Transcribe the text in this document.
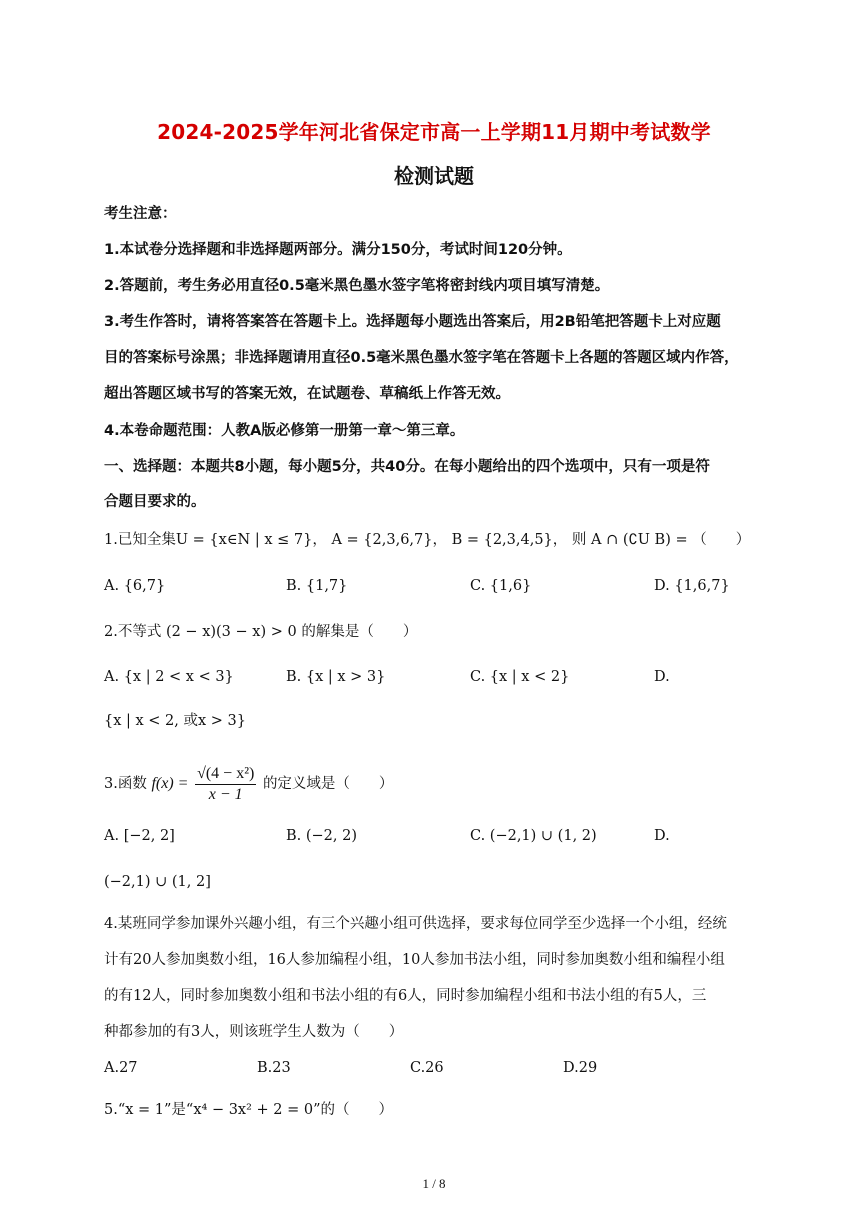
2024-2025学年河北省保定市高一上学期11月期中考试数学
检测试题
考生注意：
1.本试卷分选择题和非选择题两部分。满分150分，考试时间120分钟。
2.答题前，考生务必用直径0.5毫米黑色墨水签字笔将密封线内项目填写清楚。
3.考生作答时，请将答案答在答题卡上。选择题每小题选出答案后，用2B铅笔把答题卡上对应题
目的答案标号涂黑；非选择题请用直径0.5毫米黑色墨水签字笔在答题卡上各题的答题区域内作答，
超出答题区域书写的答案无效，在试题卷、草稿纸上作答无效。
4.本卷命题范围：人教A版必修第一册第一章～第三章。
一、选择题：本题共8小题，每小题5分，共40分。在每小题给出的四个选项中，只有一项是符
合题目要求的。
1.已知全集U = {x∈N | x ≤ 7}， A = {2,3,6,7}， B = {2,3,4,5}， 则 A ∩ (∁U B) = （　　）
A. {6,7}	B. {1,7}	C. {1,6}	D. {1,6,7}
2.不等式 (2 − x)(3 − x) > 0 的解集是（　　）
A. {x | 2 < x < 3}	B. {x | x > 3}	C. {x | x < 2}	D.
{x | x < 2, 或x > 3}
3.函数 $f(x) = \frac{\text{√(4 − x²)}}{x - 1}$ 的定义域是（　　）
A. [−2, 2]	B. (−2, 2)	C. (−2,1) ∪ (1, 2)	D.
(−2,1) ∪ (1, 2]
4.某班同学参加课外兴趣小组，有三个兴趣小组可供选择，要求每位同学至少选择一个小组，经统
计有20人参加奥数小组，16人参加编程小组，10人参加书法小组，同时参加奥数小组和编程小组
的有12人，同时参加奥数小组和书法小组的有6人，同时参加编程小组和书法小组的有5人，三
种都参加的有3人，则该班学生人数为（　　）
A.27	B.23	C.26	D.29
5.“x = 1”是“x⁴ − 3x² + 2 = 0”的（　　）
1 / 8
